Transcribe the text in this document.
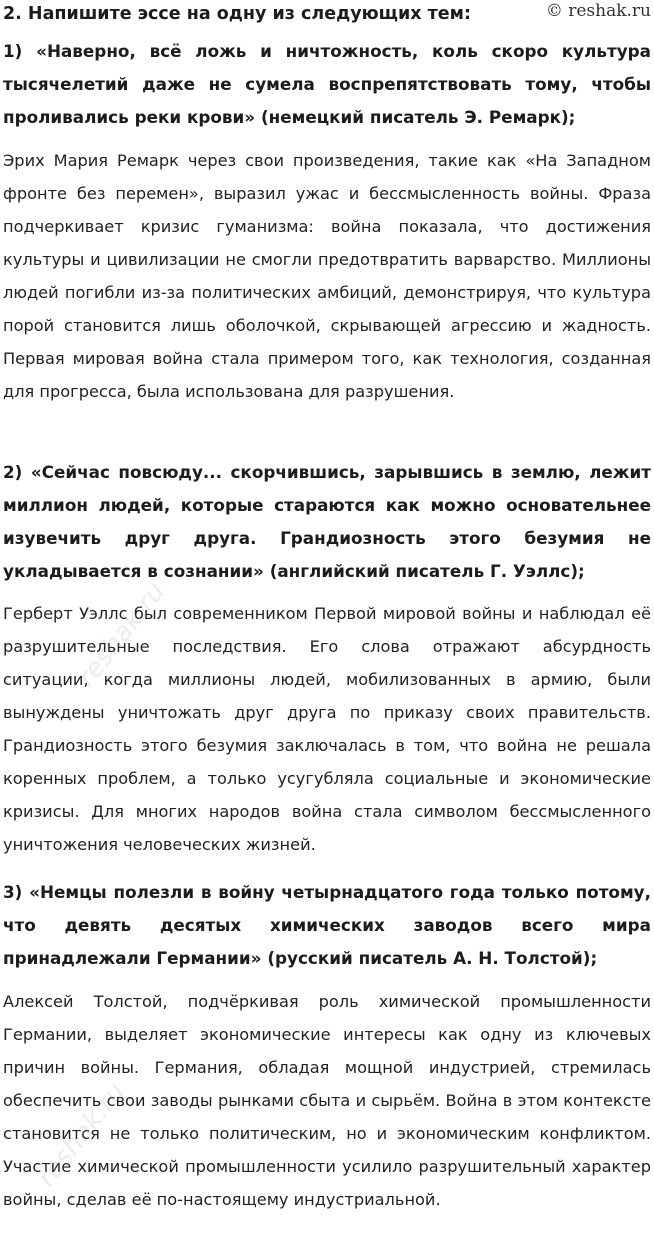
2. Напишите эссе на одну из следующих тем:	© reshak.ru
1) «Наверно, всё ложь и ничтожность, коль скоро культура тысячелетий даже не сумела воспрепятствовать тому, чтобы проливались реки крови» (немецкий писатель Э. Ремарк);
Эрих Мария Ремарк через свои произведения, такие как «На Западном фронте без перемен», выразил ужас и бессмысленность войны. Фраза подчеркивает кризис гуманизма: война показала, что достижения культуры и цивилизации не смогли предотвратить варварство. Миллионы людей погибли из-за политических амбиций, демонстрируя, что культура порой становится лишь оболочкой, скрывающей агрессию и жадность. Первая мировая война стала примером того, как технология, созданная для прогресса, была использована для разрушения.
2) «Сейчас повсюду... скорчившись, зарывшись в землю, лежит миллион людей, которые стараются как можно основательнее изувечить друг друга. Грандиозность этого безумия не укладывается в сознании» (английский писатель Г. Уэллс);
Герберт Уэллс был современником Первой мировой войны и наблюдал её разрушительные последствия. Его слова отражают абсурдность ситуации, когда миллионы людей, мобилизованных в армию, были вынуждены уничтожать друг друга по приказу своих правительств. Грандиозность этого безумия заключалась в том, что война не решала коренных проблем, а только усугубляла социальные и экономические кризисы. Для многих народов война стала символом бессмысленного уничтожения человеческих жизней.
3) «Немцы полезли в войну четырнадцатого года только потому, что девять десятых химических заводов всего мира принадлежали Германии» (русский писатель А. Н. Толстой);
Алексей Толстой, подчёркивая роль химической промышленности Германии, выделяет экономические интересы как одну из ключевых причин войны. Германия, обладая мощной индустрией, стремилась обеспечить свои заводы рынками сбыта и сырьём. Война в этом контексте становится не только политическим, но и экономическим конфликтом. Участие химической промышленности усилило разрушительный характер войны, сделав её по-настоящему индустриальной.
reshak.ru
reshak.ru
